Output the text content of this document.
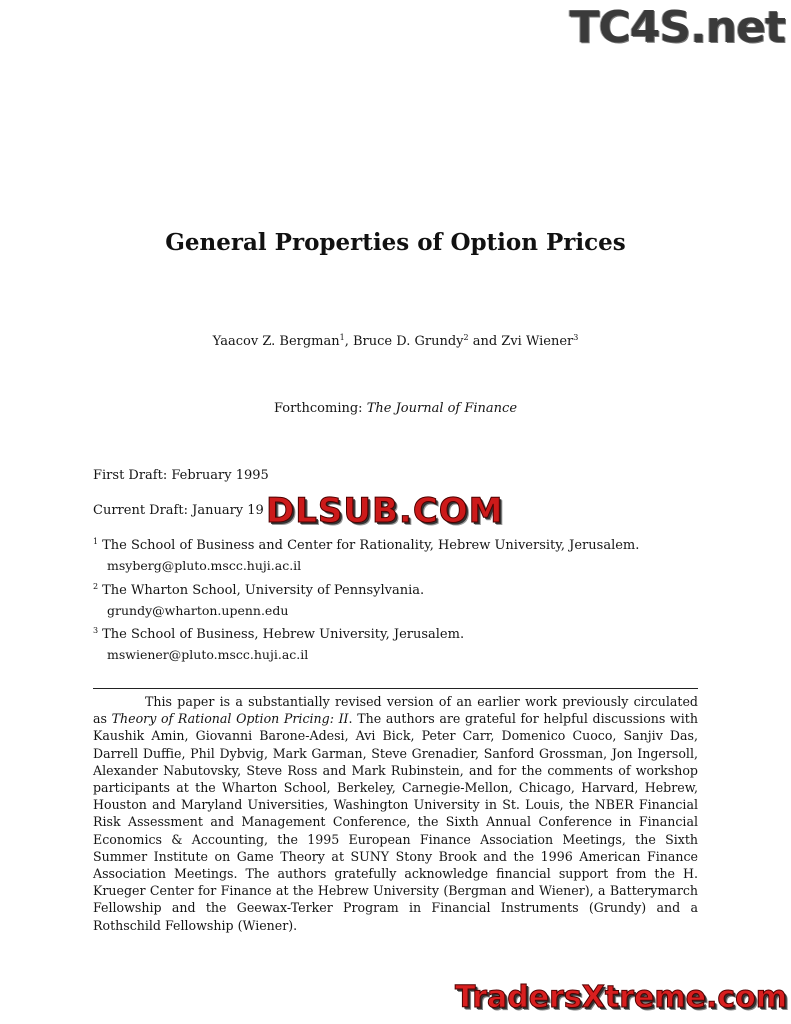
TC4S.net
General Properties of Option Prices
Yaacov Z. Bergman$^1$, Bruce D. Grundy$^2$ and Zvi Wiener$^3$
Forthcoming: The Journal of Finance
First Draft: February 1995
Current Draft: January 19 DLSUB.COM
$^1$ The School of Business and Center for Rationality, Hebrew University, Jerusalem.
msyberg@pluto.mscc.huji.ac.il
$^2$ The Wharton School, University of Pennsylvania.
grundy@wharton.upenn.edu
$^3$ The School of Business, Hebrew University, Jerusalem.
mswiener@pluto.mscc.huji.ac.il
This paper is a substantially revised version of an earlier work previously circulated as Theory of Rational Option Pricing: II. The authors are grateful for helpful discussions with Kaushik Amin, Giovanni Barone-Adesi, Avi Bick, Peter Carr, Domenico Cuoco, Sanjiv Das, Darrell Duffie, Phil Dybvig, Mark Garman, Steve Grenadier, Sanford Grossman, Jon Ingersoll, Alexander Nabutovsky, Steve Ross and Mark Rubinstein, and for the comments of workshop participants at the Wharton School, Berkeley, Carnegie-Mellon, Chicago, Harvard, Hebrew, Houston and Maryland Universities, Washington University in St. Louis, the NBER Financial Risk Assessment and Management Conference, the Sixth Annual Conference in Financial Economics & Accounting, the 1995 European Finance Association Meetings, the Sixth Summer Institute on Game Theory at SUNY Stony Brook and the 1996 American Finance Association Meetings. The authors gratefully acknowledge financial support from the H. Krueger Center for Finance at the Hebrew University (Bergman and Wiener), a Batterymarch Fellowship and the Geewax-Terker Program in Financial Instruments (Grundy) and a Rothschild Fellowship (Wiener).
TradersXtreme.com
